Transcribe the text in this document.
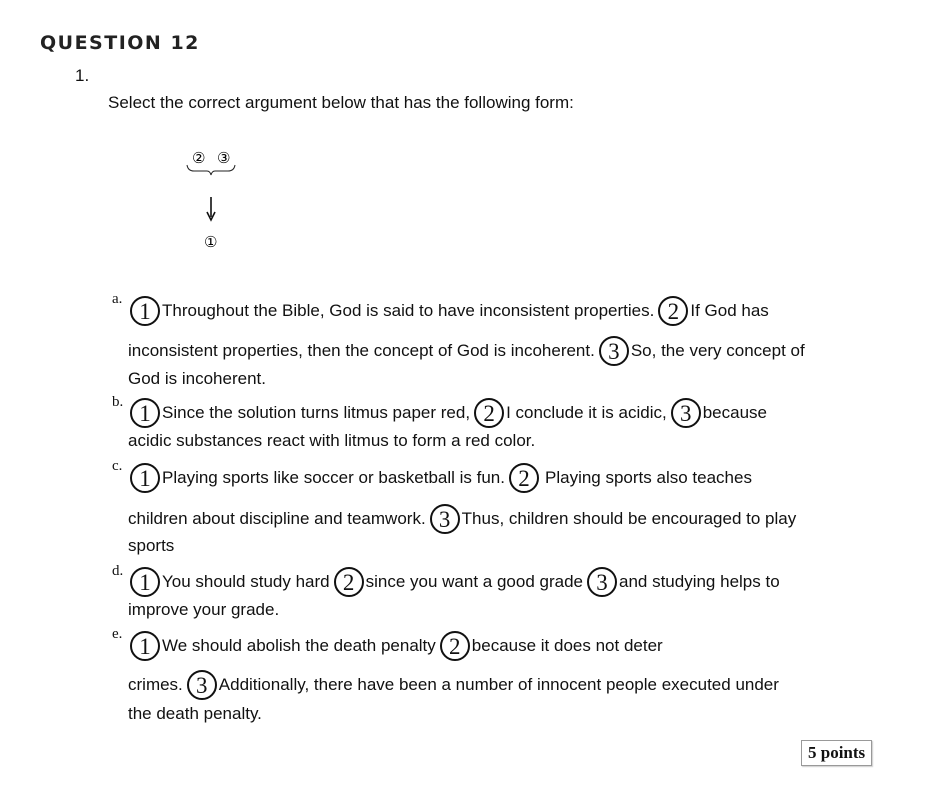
QUESTION 12
1.
Select the correct argument below that has the following form:
② ③
①
a. 1 Throughout the Bible, God is said to have inconsistent properties. 2 If God has
inconsistent properties, then the concept of God is incoherent. 3 So, the very concept of
God is incoherent.
b. 1 Since the solution turns litmus paper red, 2 I conclude it is acidic, 3 because
acidic substances react with litmus to form a red color.
c. 1 Playing sports like soccer or basketball is fun. 2 Playing sports also teaches
children about discipline and teamwork. 3 Thus, children should be encouraged to play
sports
d. 1 You should study hard 2 since you want a good grade 3 and studying helps to
improve your grade.
e. 1 We should abolish the death penalty 2 because it does not deter
crimes. 3 Additionally, there have been a number of innocent people executed under
the death penalty.
5 points
